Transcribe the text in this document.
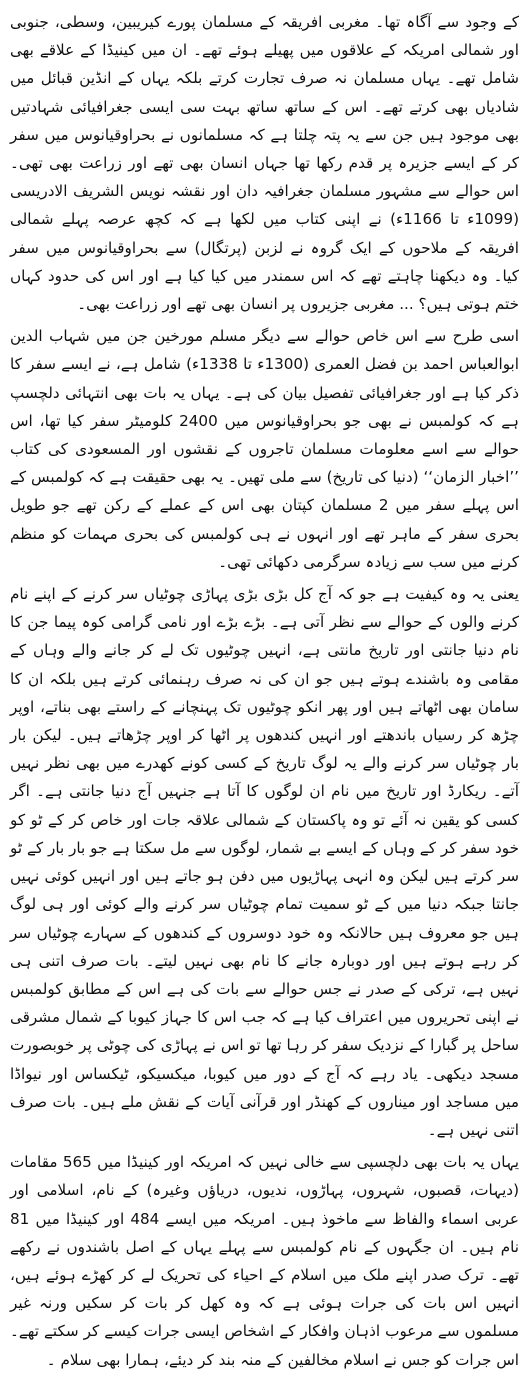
کے وجود سے آگاہ تھا۔ مغربی افریقہ کے مسلمان پورے کیریبین، وسطی، جنوبی اور شمالی امریکہ کے علاقوں میں پھیلے ہوئے تھے۔ ان میں کینیڈا کے علاقے بھی شامل تھے۔ یہاں مسلمان نہ صرف تجارت کرتے بلکہ یہاں کے انڈین قبائل میں شادیاں بھی کرتے تھے۔ اس کے ساتھ ساتھ بہت سی ایسی جغرافیائی شہادتیں بھی موجود ہیں جن سے یہ پتہ چلتا ہے کہ مسلمانوں نے بحراوقیانوس میں سفر کر کے ایسے جزیرہ پر قدم رکھا تھا جہاں انسان بھی تھے اور زراعت بھی تھی۔ اس حوالے سے مشہور مسلمان جغرافیہ دان اور نقشہ نویس الشریف الادریسی (1099ء تا 1166ء) نے اپنی کتاب میں لکھا ہے کہ کچھ عرصہ پہلے شمالی افریقہ کے ملاحوں کے ایک گروہ نے لزبن (پرتگال) سے بحراوقیانوس میں سفر کیا۔ وہ دیکھنا چاہتے تھے کہ اس سمندر میں کیا کیا ہے اور اس کی حدود کہاں ختم ہوتی ہیں؟ ... مغربی جزیروں پر انسان بھی تھے اور زراعت بھی۔

اسی طرح سے اس خاص حوالے سے دیگر مسلم مورخین جن میں شہاب الدین ابوالعباس احمد بن فضل العمری (1300ء تا 1338ء) شامل ہے، نے ایسے سفر کا ذکر کیا ہے اور جغرافیائی تفصیل بیان کی ہے۔ یہاں یہ بات بھی انتہائی دلچسپ ہے کہ کولمبس نے بھی جو بحراوقیانوس میں 2400 کلومیٹر سفر کیا تھا، اس حوالے سے اسے معلومات مسلمان تاجروں کے نقشوں اور المسعودی کی کتاب ’’اخبار الزمان‘‘ (دنیا کی تاریخ) سے ملی تھیں۔ یہ بھی حقیقت ہے کہ کولمبس کے اس پہلے سفر میں 2 مسلمان کپتان بھی اس کے عملے کے رکن تھے جو طویل بحری سفر کے ماہر تھے اور انہوں نے ہی کولمبس کی بحری مہمات کو منظم کرنے میں سب سے زیادہ سرگرمی دکھائی تھی۔

یعنی یہ وہ کیفیت ہے جو کہ آج کل بڑی بڑی پہاڑی چوٹیاں سر کرنے کے اپنے نام کرنے والوں کے حوالے سے نظر آتی ہے۔ بڑے بڑے اور نامی گرامی کوہ پیما جن کا نام دنیا جانتی اور تاریخ مانتی ہے، انہیں چوٹیوں تک لے کر جانے والے وہاں کے مقامی وہ باشندے ہوتے ہیں جو ان کی نہ صرف رہنمائی کرتے ہیں بلکہ ان کا سامان بھی اٹھاتے ہیں اور پھر انکو چوٹیوں تک پہنچانے کے راستے بھی بناتے، اوپر چڑھ کر رسیاں باندھتے اور انہیں کندھوں پر اٹھا کر اوپر چڑھاتے ہیں۔ لیکن بار بار چوٹیاں سر کرنے والے یہ لوگ تاریخ کے کسی کونے کھدرے میں بھی نظر نہیں آتے۔ ریکارڈ اور تاریخ میں نام ان لوگوں کا آتا ہے جنہیں آج دنیا جانتی ہے۔ اگر کسی کو یقین نہ آئے تو وہ پاکستان کے شمالی علاقہ جات اور خاص کر کے ٹو کو خود سفر کر کے وہاں کے ایسے بے شمار، لوگوں سے مل سکتا ہے جو بار بار کے ٹو سر کرتے ہیں لیکن وہ انہی پہاڑیوں میں دفن ہو جاتے ہیں اور انہیں کوئی نہیں جانتا جبکہ دنیا میں کے ٹو سمیت تمام چوٹیاں سر کرنے والے کوئی اور ہی لوگ ہیں جو معروف ہیں حالانکہ وہ خود دوسروں کے کندھوں کے سہارے چوٹیاں سر کر رہے ہوتے ہیں اور دوبارہ جانے کا نام بھی نہیں لیتے۔ بات صرف اتنی ہی نہیں ہے، ترکی کے صدر نے جس حوالے سے بات کی ہے اس کے مطابق کولمبس نے اپنی تحریروں میں اعتراف کیا ہے کہ جب اس کا جہاز کیوبا کے شمال مشرقی ساحل پر گبارا کے نزدیک سفر کر رہا تھا تو اس نے پہاڑی کی چوٹی پر خوبصورت مسجد دیکھی۔ یاد رہے کہ آج کے دور میں کیوبا، میکسیکو، ٹیکساس اور نیواڈا میں مساجد اور میناروں کے کھنڈر اور قرآنی آیات کے نقش ملے ہیں۔ بات صرف اتنی نہیں ہے۔

یہاں یہ بات بھی دلچسپی سے خالی نہیں کہ امریکہ اور کینیڈا میں 565 مقامات (دیہات، قصبوں، شہروں، پہاڑوں، ندیوں، دریاؤں وغیرہ) کے نام، اسلامی اور عربی اسماء والفاظ سے ماخوذ ہیں۔ امریکہ میں ایسے 484 اور کینیڈا میں 81 نام ہیں۔ ان جگہوں کے نام کولمبس سے پہلے یہاں کے اصل باشندوں نے رکھے تھے۔ ترک صدر اپنے ملک میں اسلام کے احیاء کی تحریک لے کر کھڑے ہوئے ہیں، انہیں اس بات کی جرات ہوئی ہے کہ وہ کھل کر بات کر سکیں ورنہ غیر مسلموں سے مرعوب اذہان وافکار کے اشخاص ایسی جرات کیسے کر سکتے تھے۔ اس جرات کو جس نے اسلام مخالفین کے منہ بند کر دیئے، ہمارا بھی سلام ۔
